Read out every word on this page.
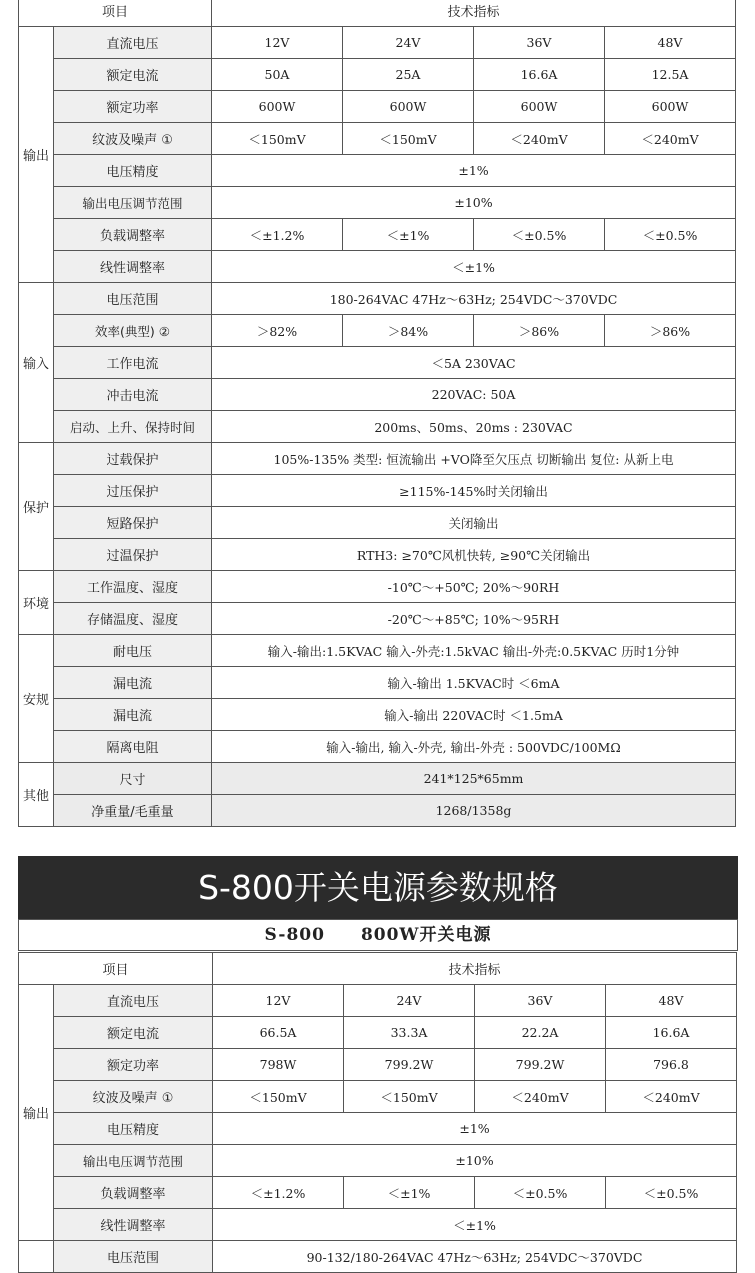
项目		技术指标			
输出	直流电压	12V	24V	36V	48V
	额定电流	50A	25A	16.6A	12.5A
	额定功率	600W	600W	600W	600W
	纹波及噪声 ①	＜150mV	＜150mV	＜240mV	＜240mV
	电压精度	±1%			
	输出电压调节范围	±10%			
	负载调整率	＜±1.2%	＜±1%	＜±0.5%	＜±0.5%
	线性调整率	＜±1%			
输入	电压范围	180-264VAC 47Hz～63Hz; 254VDC～370VDC			
	效率(典型) ②	＞82%	＞84%	＞86%	＞86%
	工作电流	＜5A 230VAC			
	冲击电流	220VAC: 50A			
	启动、上升、保持时间	200ms、50ms、20ms : 230VAC			
保护	过载保护	105%-135% 类型: 恒流输出 +VO降至欠压点 切断输出 复位: 从新上电			
	过压保护	≥115%-145%时关闭输出			
	短路保护	关闭输出			
	过温保护	RTH3: ≥70℃风机快转, ≥90℃关闭输出			
环境	工作温度、湿度	-10℃～+50℃; 20%～90RH			
	存储温度、湿度	-20℃～+85℃; 10%～95RH			
安规	耐电压	输入-输出:1.5KVAC 输入-外壳:1.5kVAC 输出-外壳:0.5KVAC 历时1分钟			
	漏电流	输入-输出 1.5KVAC时 ＜6mA			
	漏电流	输入-输出 220VAC时 ＜1.5mA			
	隔离电阻	输入-输出, 输入-外壳, 输出-外壳 : 500VDC/100MΩ			
其他	尺寸	241*125*65mm			
	净重量/毛重量	1268/1358g			
S-800开关电源参数规格
S-800 800W开关电源
项目		技术指标			
输出	直流电压	12V	24V	36V	48V
	额定电流	66.5A	33.3A	22.2A	16.6A
	额定功率	798W	799.2W	799.2W	796.8
	纹波及噪声 ①	＜150mV	＜150mV	＜240mV	＜240mV
	电压精度	±1%			
	输出电压调节范围	±10%			
	负载调整率	＜±1.2%	＜±1%	＜±0.5%	＜±0.5%
	线性调整率	＜±1%			
	电压范围	90-132/180-264VAC 47Hz～63Hz; 254VDC～370VDC			
